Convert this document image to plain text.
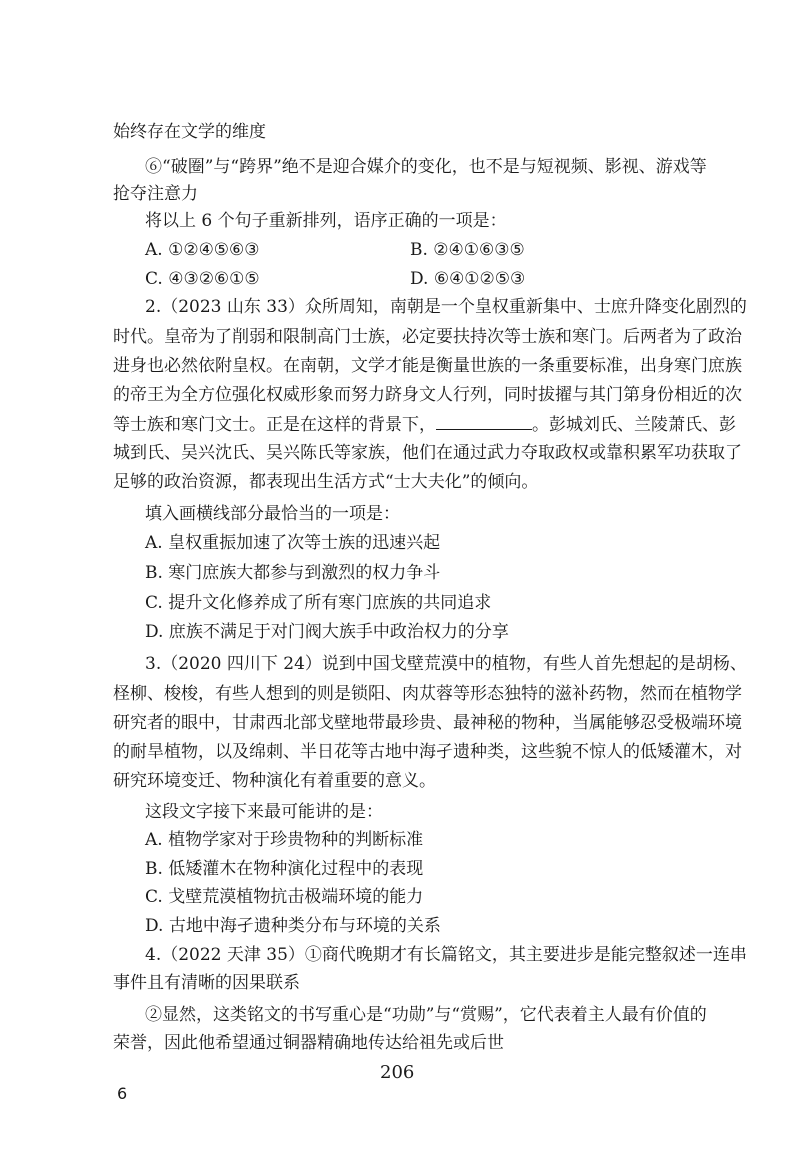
始终存在文学的维度
⑥“破圈”与“跨界”绝不是迎合媒介的变化，也不是与短视频、影视、游戏等
抢夺注意力
将以上 6 个句子重新排列，语序正确的一项是：
A. ①②④⑤⑥③	B. ②④①⑥③⑤
C. ④③②⑥①⑤	D. ⑥④①②⑤③
2.（2023 山东 33）众所周知，南朝是一个皇权重新集中、士庶升降变化剧烈的
时代。皇帝为了削弱和限制高门士族，必定要扶持次等士族和寒门。后两者为了政治
进身也必然依附皇权。在南朝，文学才能是衡量世族的一条重要标准，出身寒门庶族
的帝王为全方位强化权威形象而努力跻身文人行列，同时拔擢与其门第身份相近的次
等士族和寒门文士。正是在这样的背景下，	。彭城刘氏、兰陵萧氏、彭
城到氏、吴兴沈氏、吴兴陈氏等家族，他们在通过武力夺取政权或靠积累军功获取了
足够的政治资源，都表现出生活方式“士大夫化”的倾向。
填入画横线部分最恰当的一项是：
A. 皇权重振加速了次等士族的迅速兴起
B. 寒门庶族大都参与到激烈的权力争斗
C. 提升文化修养成了所有寒门庶族的共同追求
D. 庶族不满足于对门阀大族手中政治权力的分享
3.（2020 四川下 24）说到中国戈壁荒漠中的植物，有些人首先想起的是胡杨、
柽柳、梭梭，有些人想到的则是锁阳、肉苁蓉等形态独特的滋补药物，然而在植物学
研究者的眼中，甘肃西北部戈壁地带最珍贵、最神秘的物种，当属能够忍受极端环境
的耐旱植物，以及绵刺、半日花等古地中海孑遗种类，这些貌不惊人的低矮灌木，对
研究环境变迁、物种演化有着重要的意义。
这段文字接下来最可能讲的是：
A. 植物学家对于珍贵物种的判断标准
B. 低矮灌木在物种演化过程中的表现
C. 戈壁荒漠植物抗击极端环境的能力
D. 古地中海孑遗种类分布与环境的关系
4.（2022 天津 35）①商代晚期才有长篇铭文，其主要进步是能完整叙述一连串
事件且有清晰的因果联系
②显然，这类铭文的书写重心是“功勋”与“赏赐”，它代表着主人最有价值的
荣誉，因此他希望通过铜器精确地传达给祖先或后世
206
6
